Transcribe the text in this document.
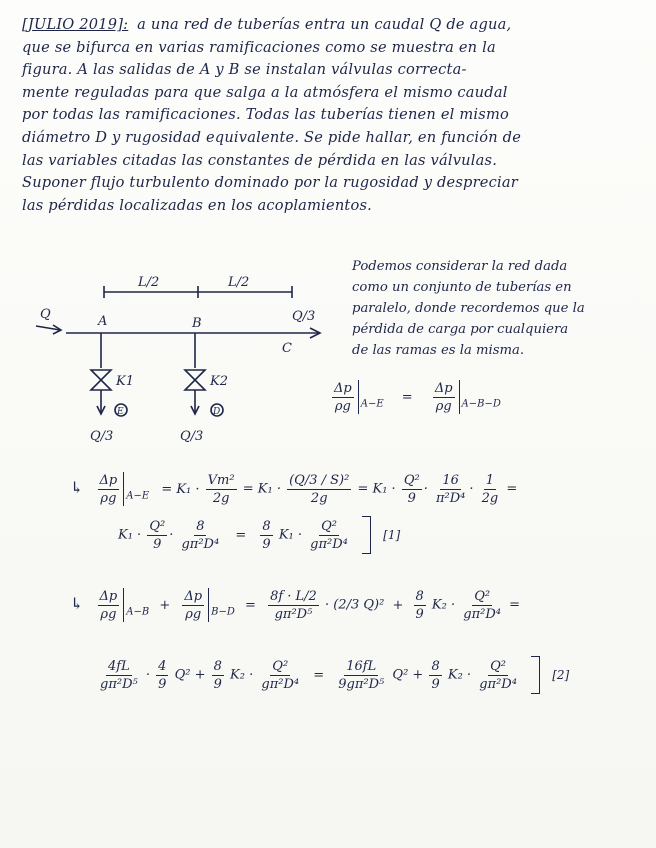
[JULIO 2019]: a una red de tuberías entra un caudal Q de agua,
que se bifurca en varias ramificaciones como se muestra en la
figura. A las salidas de A y B se instalan válvulas correcta-
mente reguladas para que salga a la atmósfera el mismo caudal
por todas las ramificaciones. Todas las tuberías tienen el mismo
diámetro D y rugosidad equivalente. Se pide hallar, en función de
las variables citadas las constantes de pérdida en las válvulas.
Suponer flujo turbulento dominado por la rugosidad y despreciar
las pérdidas localizadas en los acoplamientos.
L/2	L/2
Q	A	B
C
Q/3
K1	K2
E	D
Q/3	Q/3
Podemos considerar la red dada
como un conjunto de tuberías en
paralelo, donde recordemos que la
pérdida de carga por cualquiera
de las ramas es la misma.
$\frac{\Delta p}{\rho g} _{A-E} = \frac{\Delta p}{\rho g} _{A-B-D}$
↳ $\frac{\Delta p}{\rho g} _{A-E} = K_1 \cdot \frac{\text{Vm²}}{2g} = K_1 \cdot \frac{\text{(Q/3 / S)²}}{2g} = K_1 \cdot \frac{\text{Q²}}{9} \cdot \frac{16}{\text{π²D⁴}} \cdot \frac{1}{2g}$ =
$K_1 \cdot \frac{\text{Q²}}{9} \cdot \frac{8}{\text{gπ²D⁴}} = \frac{8}{9} K_1 \cdot \frac{\text{Q²}}{\text{gπ²D⁴}}$	[1]
↳ $\frac{\Delta p}{\rho g} _{A-B} + \frac{\Delta p}{\rho g} _{B-D} = \frac{8f \cdot L/2}{\text{gπ²D⁵}} \cdot (2/3$ $Q)^2 + \frac{8}{9} K_2 \cdot \frac{\text{Q²}}{\text{gπ²D⁴}}$ =
$\frac{4fL}{\text{gπ²D⁵}} \cdot \frac{4}{9} Q^2 + \frac{8}{9} K_2 \cdot \frac{\text{Q²}}{\text{gπ²D⁴}} = \frac{16fL}{\text{9gπ²D⁵}} Q^2 + \frac{8}{9} K_2 \cdot \frac{\text{Q²}}{\text{gπ²D⁴}}$	[2]
